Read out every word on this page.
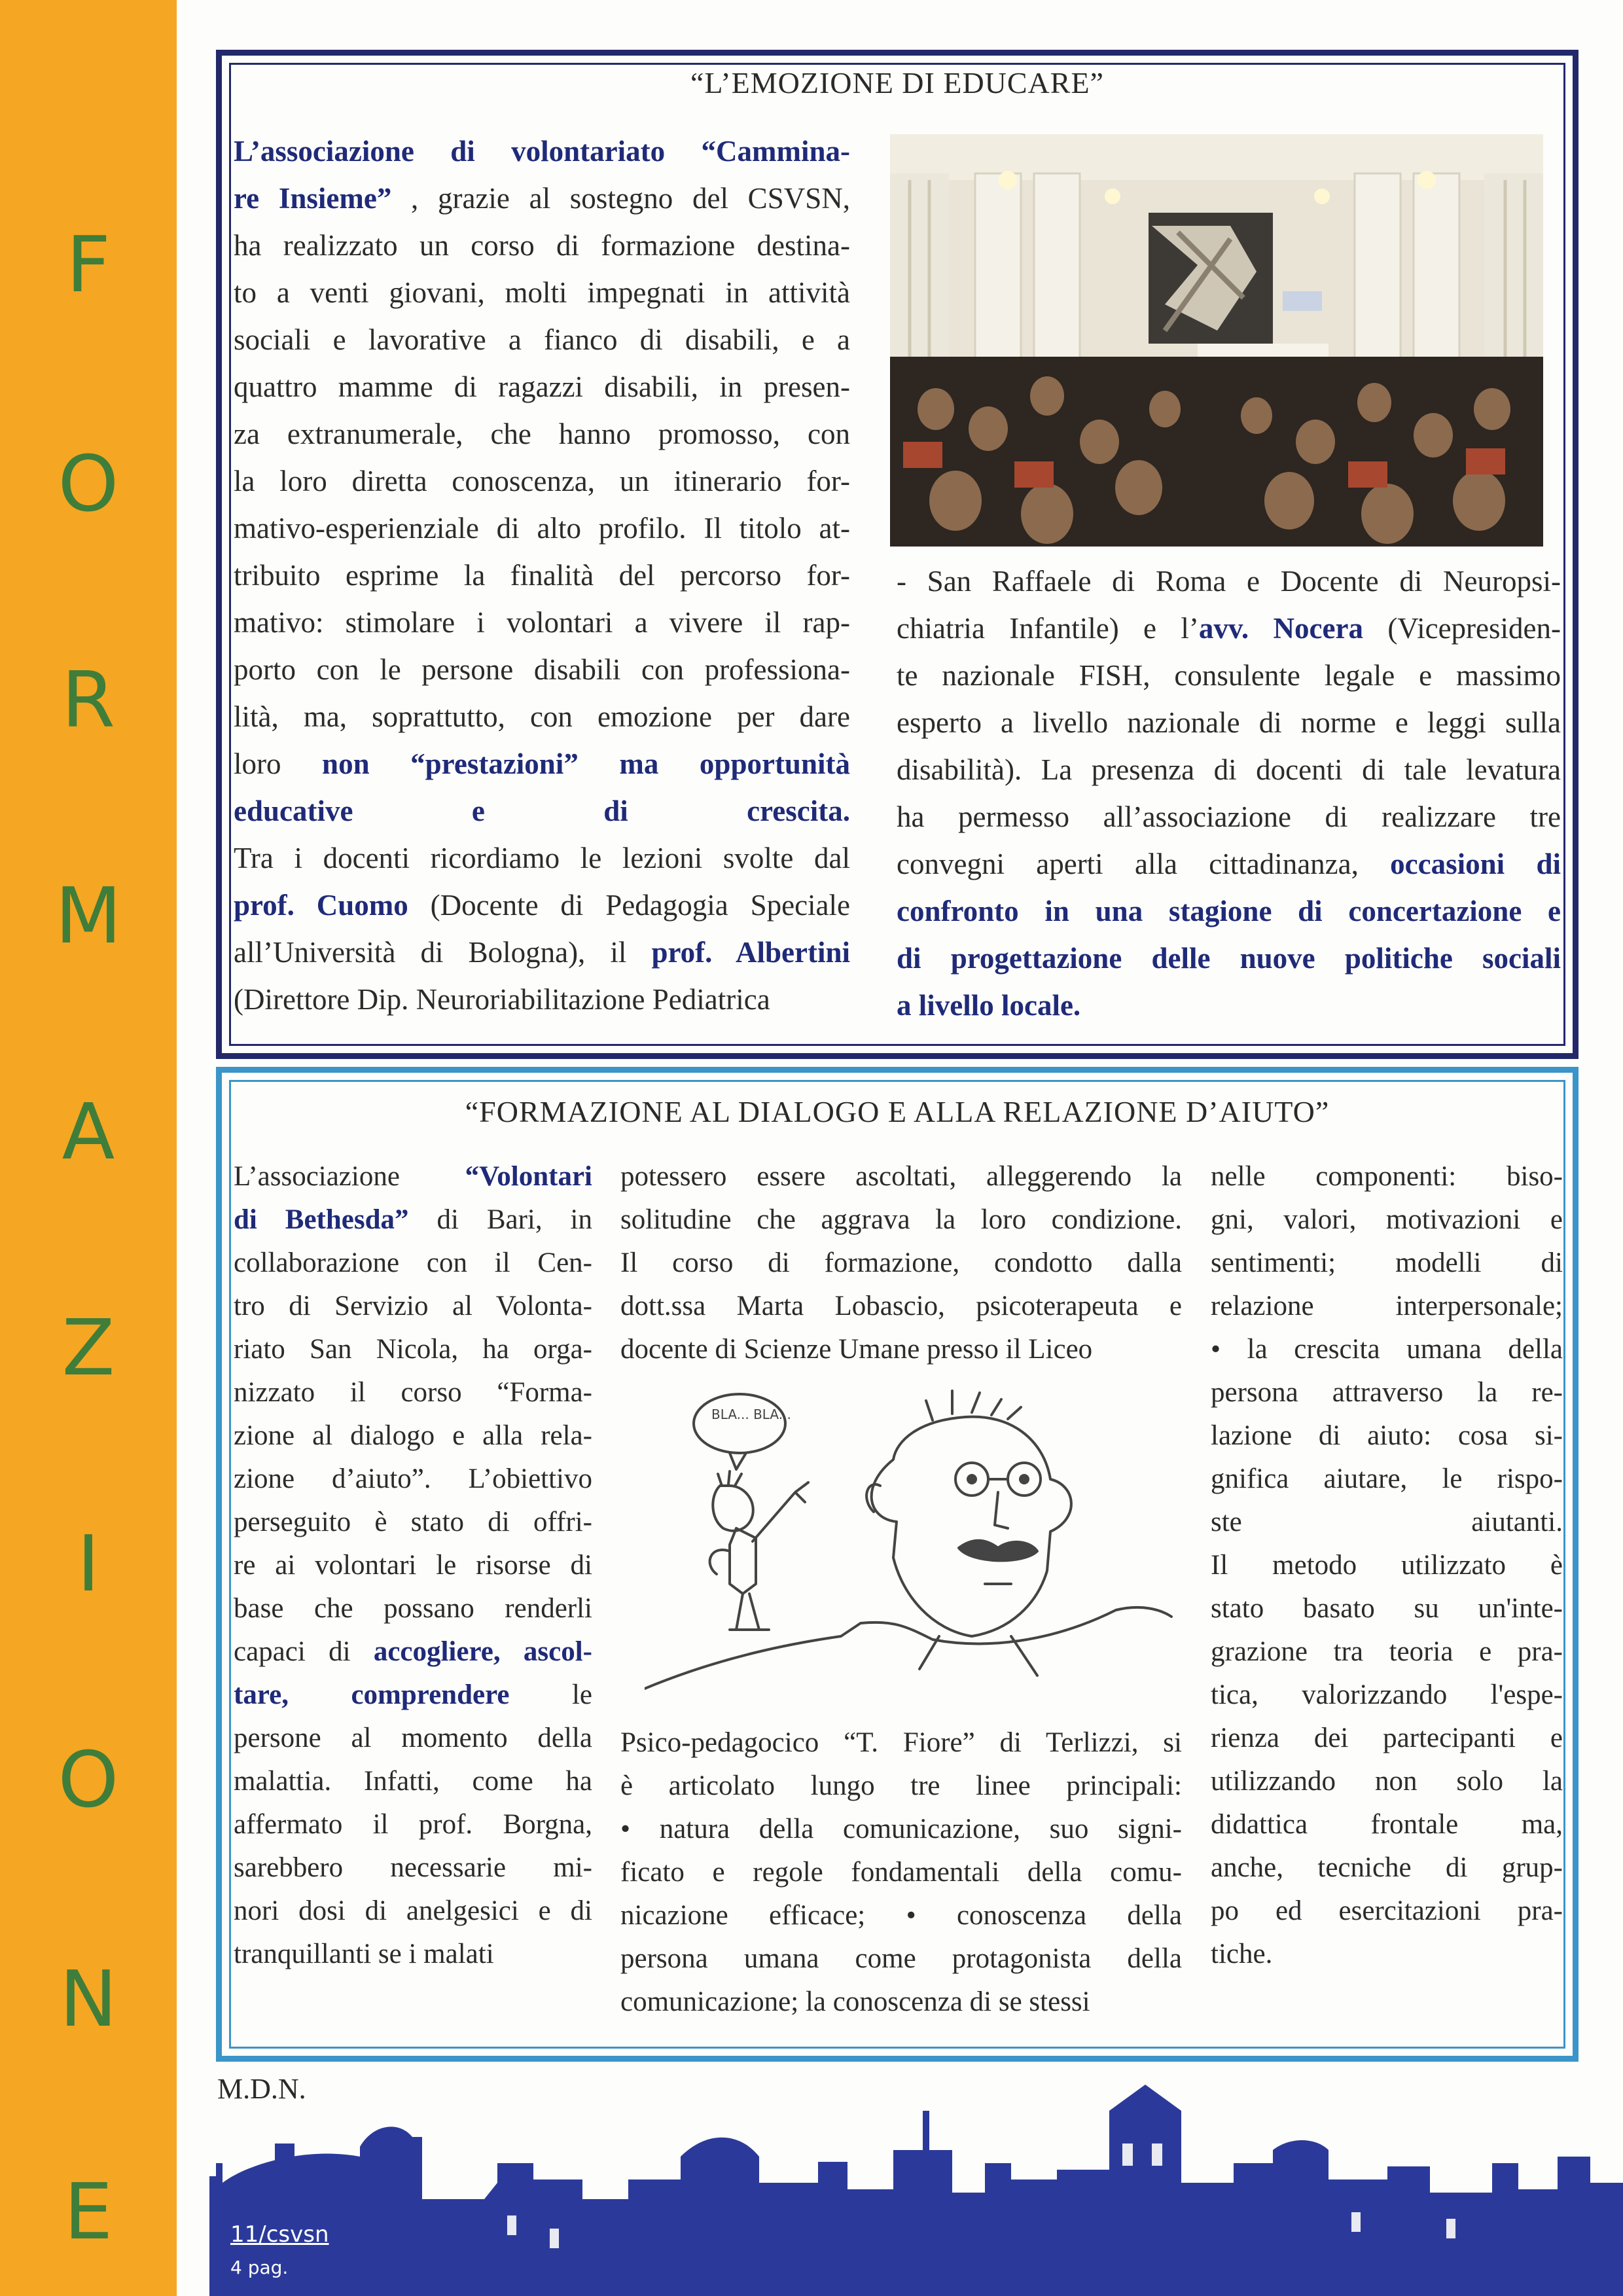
F
O
R
M
A
Z
I
O
N
E
“L’EMOZIONE DI EDUCARE”
L’associazione di volontariato “Cammina-
re Insieme” , grazie al sostegno del CSVSN,
ha realizzato un corso di formazione destina-
to a venti giovani, molti impegnati in attività
sociali e lavorative a fianco di disabili, e a
quattro mamme di ragazzi disabili, in presen-
za extranumerale, che hanno promosso, con
la loro diretta conoscenza, un itinerario for-
mativo-esperienziale di alto profilo. Il titolo at-
tribuito esprime la finalità del percorso for-
mativo: stimolare i volontari a vivere il rap-
porto con le persone disabili con professiona-
lità, ma, soprattutto, con emozione per dare
loro non “prestazioni” ma opportunità
educative e di crescita.
Tra i docenti ricordiamo le lezioni svolte dal
prof. Cuomo (Docente di Pedagogia Speciale
all’Università di Bologna), il prof. Albertini
(Direttore Dip. Neuroriabilitazione Pediatrica
- San Raffaele di Roma e Docente di Neuropsi-
chiatria Infantile) e l’avv. Nocera (Vicepresiden-
te nazionale FISH, consulente legale e massimo
esperto a livello nazionale di norme e leggi sulla
disabilità). La presenza di docenti di tale levatura
ha permesso all’associazione di realizzare tre
convegni aperti alla cittadinanza, occasioni di
confronto in una stagione di concertazione e
di progettazione delle nuove politiche sociali
a livello locale.
“FORMAZIONE AL DIALOGO E ALLA RELAZIONE D’AIUTO”
L’associazione “Volontari
di Bethesda” di Bari, in
collaborazione con il Cen-
tro di Servizio al Volonta-
riato San Nicola, ha orga-
nizzato il corso “Forma-
zione al dialogo e alla rela-
zione d’aiuto”. L’obiettivo
perseguito è stato di offri-
re ai volontari le risorse di
base che possano renderli
capaci di accogliere, ascol-
tare, comprendere le
persone al momento della
malattia. Infatti, come ha
affermato il prof. Borgna,
sarebbero necessarie mi-
nori dosi di anelgesici e di
tranquillanti se i malati
potessero essere ascoltati, alleggerendo la
solitudine che aggrava la loro condizione.
Il corso di formazione, condotto dalla
dott.ssa Marta Lobascio, psicoterapeuta e
docente di Scienze Umane presso il Liceo
BLA... BLA...
Psico-pedagocico “T. Fiore” di Terlizzi, si
è articolato lungo tre linee principali:
• natura della comunicazione, suo signi-
ficato e regole fondamentali della comu-
nicazione efficace; • conoscenza della
persona umana come protagonista della
comunicazione; la conoscenza di se stessi
nelle componenti: biso-
gni, valori, motivazioni e
sentimenti; modelli di
relazione interpersonale;
• la crescita umana della
persona attraverso la re-
lazione di aiuto: cosa si-
gnifica aiutare, le rispo-
ste aiutanti.
Il metodo utilizzato è
stato basato su un'inte-
grazione tra teoria e pra-
tica, valorizzando l'espe-
rienza dei partecipanti e
utilizzando non solo la
didattica frontale ma,
anche, tecniche di grup-
po ed esercitazioni pra-
tiche.
M.D.N.
11/csvsn
4 pag.
